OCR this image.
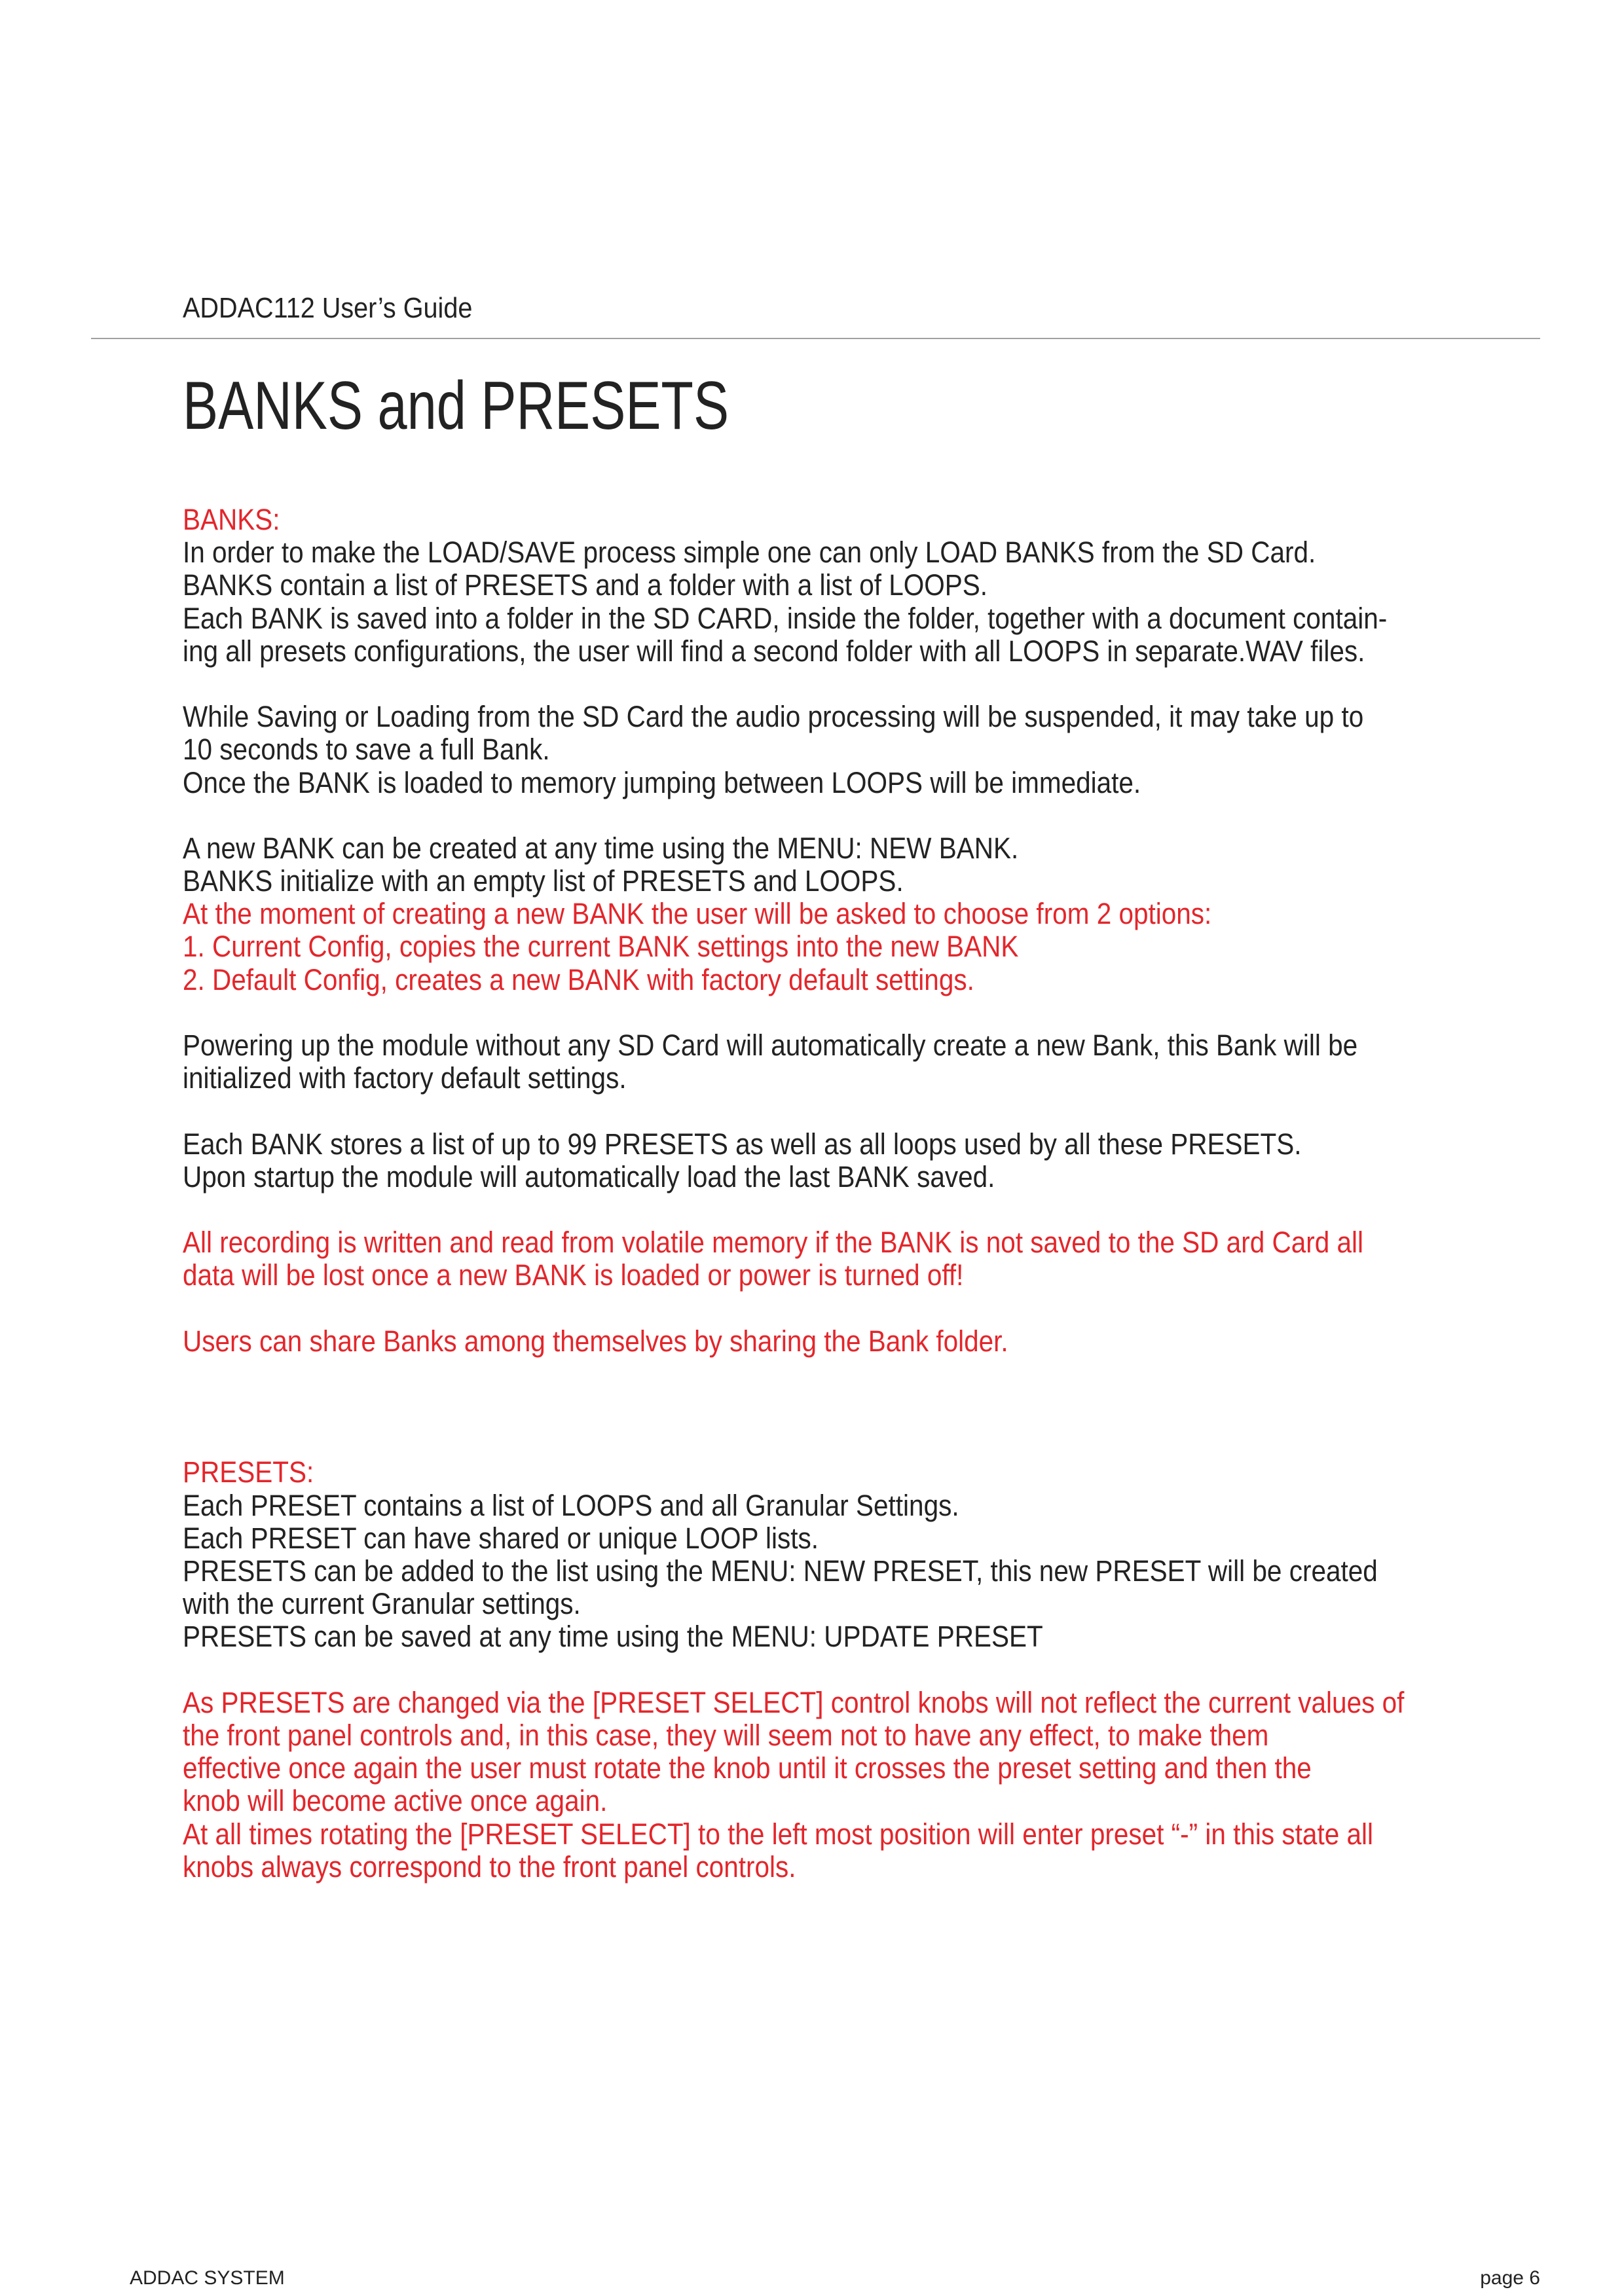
ADDAC112 User’s Guide
BANKS and PRESETS
BANKS:
In order to make the LOAD/SAVE process simple one can only LOAD BANKS from the SD Card.
BANKS contain a list of PRESETS and a folder with a list of LOOPS.
Each BANK is saved into a folder in the SD CARD, inside the folder, together with a document contain-
ing all presets configurations, the user will find a second folder with all LOOPS in separate.WAV files.
While Saving or Loading from the SD Card the audio processing will be suspended, it may take up to
10 seconds to save a full Bank.
Once the BANK is loaded to memory jumping between LOOPS will be immediate.
A new BANK can be created at any time using the MENU: NEW BANK.
BANKS initialize with an empty list of PRESETS and LOOPS.
At the moment of creating a new BANK the user will be asked to choose from 2 options:
1. Current Config, copies the current BANK settings into the new BANK
2. Default Config, creates a new BANK with factory default settings.
Powering up the module without any SD Card will automatically create a new Bank, this Bank will be
initialized with factory default settings.
Each BANK stores a list of up to 99 PRESETS as well as all loops used by all these PRESETS.
Upon startup the module will automatically load the last BANK saved.
All recording is written and read from volatile memory if the BANK is not saved to the SD ard Card all
data will be lost once a new BANK is loaded or power is turned off!
Users can share Banks among themselves by sharing the Bank folder.
PRESETS:
Each PRESET contains a list of LOOPS and all Granular Settings.
Each PRESET can have shared or unique LOOP lists.
PRESETS can be added to the list using the MENU: NEW PRESET, this new PRESET will be created
with the current Granular settings.
PRESETS can be saved at any time using the MENU: UPDATE PRESET
As PRESETS are changed via the [PRESET SELECT] control knobs will not reflect the current values of
the front panel controls and, in this case, they will seem not to have any effect, to make them
effective once again the user must rotate the knob until it crosses the preset setting and then the
knob will become active once again.
At all times rotating the [PRESET SELECT] to the left most position will enter preset “-” in this state all
knobs always correspond to the front panel controls.
ADDAC SYSTEM	page 6
